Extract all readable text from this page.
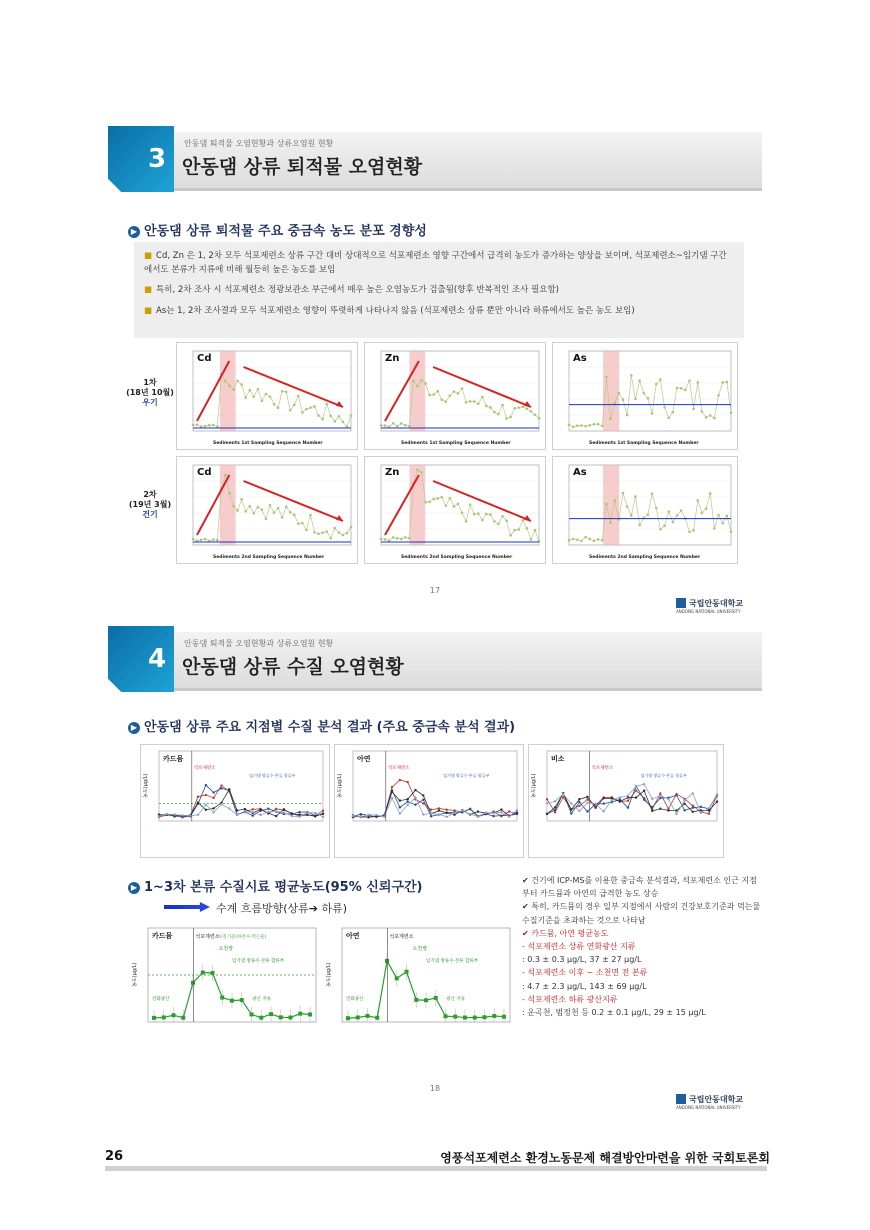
3
안동댐 퇴적물 오염현황과 상류오염원 현황
안동댐 상류 퇴적물 오염현황
▶ 안동댐 상류 퇴적물 주요 중금속 농도 분포 경향성
■ Cd, Zn 은 1, 2차 모두 석포제련소 상류 구간 대비 상대적으로 석포제련소 영향 구간에서 급격히 농도가 증가하는 양상을 보이며, 석포제련소~임기댐 구간에서도 본류가 지류에 비해 월등히 높은 농도를 보임
■ 특히, 2차 조사 시 석포제련소 정광보관소 부근에서 매우 높은 오염농도가 검출됨(향후 반복적인 조사 필요함)
■ As는 1, 2차 조사결과 모두 석포제련소 영향이 뚜렷하게 나타나지 않음 (석포제련소 상류 뿐만 아니라 하류에서도 높은 농도 보임)
1차
(18년 10월)
우기
2차
(19년 3월)
건기
Cd
Sediments 1st Sampling Sequence Number
Zn
Sediments 1st Sampling Sequence Number
As
Sediments 1st Sampling Sequence Number
Cd
Sediments 2nd Sampling Sequence Number
Zn
Sediments 2nd Sampling Sequence Number
As
Sediments 2nd Sampling Sequence Number
17
국립안동대학교
ANDONG NATIONAL UNIVERSITY
4
안동댐 퇴적물 오염현황과 상류오염원 현황
안동댐 상류 수질 오염현황
▶ 안동댐 상류 주요 지점별 수질 분석 결과 (주요 중금속 분석 결과)
카드뮴
석포제련소
임기댐 방류수·본류 합류부
농도(μg/L)
아연
석포제련소
임기댐 방류수·본류 합류부
농도(μg/L)
비소
석포제련소
임기댐 방류수·본류 합류부
농도(μg/L)
▶ 1~3차 본류 수질시료 평균농도(95% 신뢰구간)
수계 흐름방향(상류➔ 하류)
수질기준(하천수·먹는물)
카드뮴	석포제련소
소천쌍
임기댐 방류수·본류 합류부
연화광산	광산 지류
농도(μg/L)
아연	석포제련소
소천쌍
임기댐 방류수·본류 합류부
연화광산	광산 지류
농도(μg/L)
✔ 건기에 ICP-MS를 이용한 중금속 분석결과, 석포제련소 인근 지점부터 카드뮴과 아연의 급격한 농도 상승
✔ 특히, 카드뮴의 경우 일부 지점에서 사람의 건강보호기준과 먹는물수질기준을 초과하는 것으로 나타남
✔ 카드뮴, 아연 평균농도
- 석포제련소 상류 연화광산 지류
: 0.3 ± 0.3 μg/L, 37 ± 27 μg/L
- 석포제련소 이후 ~ 소천면 전 본류
: 4.7 ± 2.3 μg/L, 143 ± 69 μg/L
- 석포제련소 하류 광산지류
: 운곡천, 범정천 등 0.2 ± 0.1 μg/L, 29 ± 15 μg/L
18
국립안동대학교
ANDONG NATIONAL UNIVERSITY
26	영풍석포제련소 환경노동문제 해결방안마련을 위한 국회토론회
